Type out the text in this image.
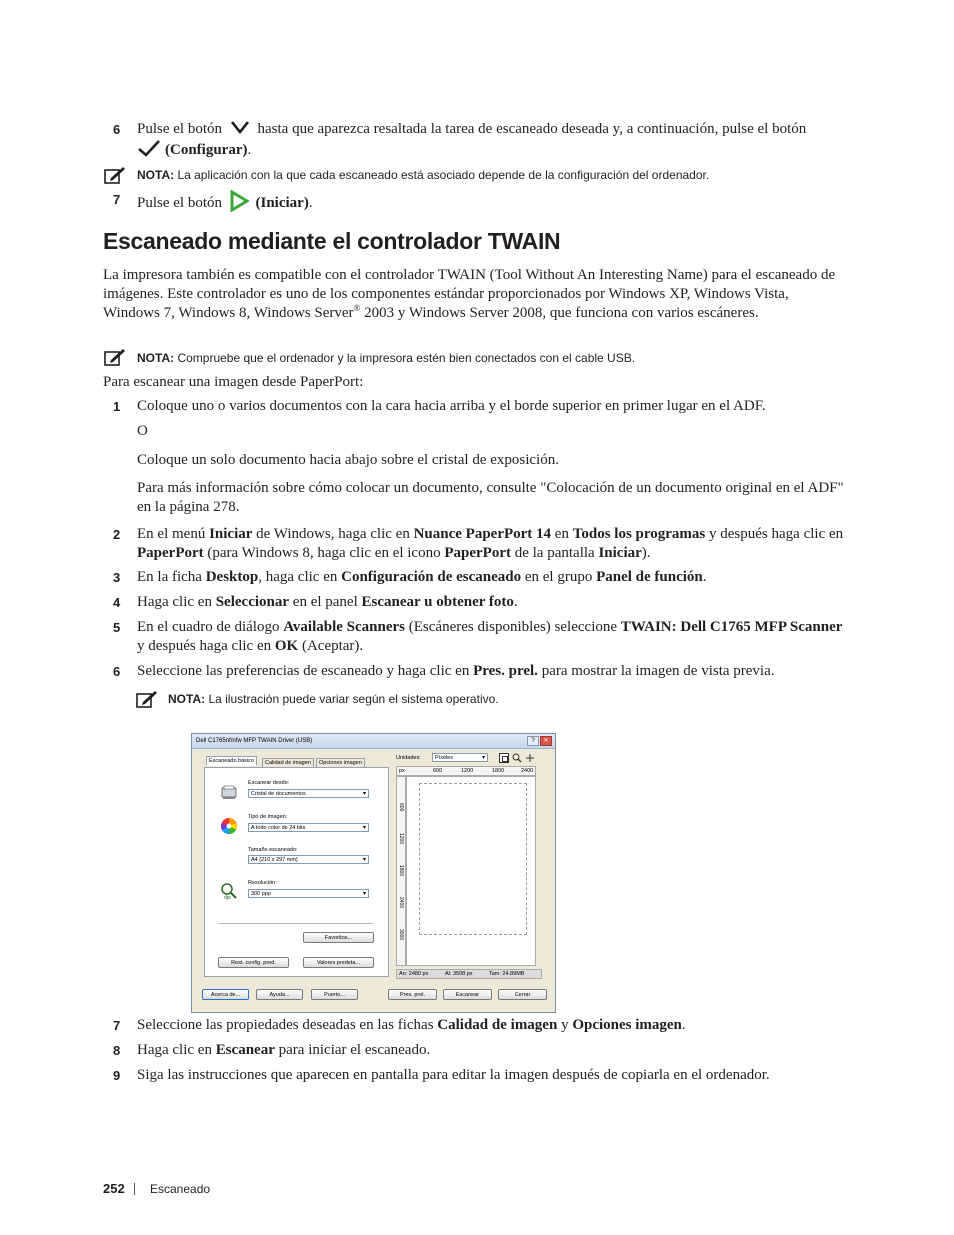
6 Pulse el botón hasta que aparezca resaltada la tarea de escaneado deseada y, a continuación, pulse el botón
(Configurar).
NOTA: La aplicación con la que cada escaneado está asociado depende de la configuración del ordenador.
7 Pulse el botón (Iniciar).
Escaneado mediante el controlador TWAIN
La impresora también es compatible con el controlador TWAIN (Tool Without An Interesting Name) para el escaneado de imágenes. Este controlador es uno de los componentes estándar proporcionados por Windows XP, Windows Vista, Windows 7, Windows 8, Windows Server® 2003 y Windows Server 2008, que funciona con varios escáneres.
NOTA: Compruebe que el ordenador y la impresora estén bien conectados con el cable USB.
Para escanear una imagen desde PaperPort:
1 Coloque uno o varios documentos con la cara hacia arriba y el borde superior en primer lugar en el ADF.
O
Coloque un solo documento hacia abajo sobre el cristal de exposición.
Para más información sobre cómo colocar un documento, consulte "Colocación de un documento original en el ADF" en la página 278.
2 En el menú Iniciar de Windows, haga clic en Nuance PaperPort 14 en Todos los programas y después haga clic en PaperPort (para Windows 8, haga clic en el icono PaperPort de la pantalla Iniciar).
3 En la ficha Desktop, haga clic en Configuración de escaneado en el grupo Panel de función.
4 Haga clic en Seleccionar en el panel Escanear u obtener foto.
5 En el cuadro de diálogo Available Scanners (Escáneres disponibles) seleccione TWAIN: Dell C1765 MFP Scanner
y después haga clic en OK (Aceptar).
6 Seleccione las preferencias de escaneado y haga clic en Pres. prel. para mostrar la imagen de vista previa.
NOTA: La ilustración puede variar según el sistema operativo.
Dell C1765nf/nfw MFP TWAIN Driver (USB)	?	✕
Escaneado básico	Calidad de imagen	Opciones imagen
Escanear desde:
Cristal de documentos ▾
Tipo de imagen:
A todo color de 24 bits ▾
Tamaño escaneado:
A4 (210 x 297 mm) ▾
dpi
Resolución:
300 ppp ▾
Favoritos...
Rest. config. pred.	Valores predeta...
Unidades:	Píxeles ▾
px	600	1200	1800	2400
600
1200
1800
2400
3000
An: 2480 px	Al: 3508 px	Tam: 24.89MB
Acerca de...	Ayuda...	Puerto...	Pres. prel.	Escanear	Cerrar
7 Seleccione las propiedades deseadas en las fichas Calidad de imagen y Opciones imagen.
8 Haga clic en Escanear para iniciar el escaneado.
9 Siga las instrucciones que aparecen en pantalla para editar la imagen después de copiarla en el ordenador.
252 Escaneado
